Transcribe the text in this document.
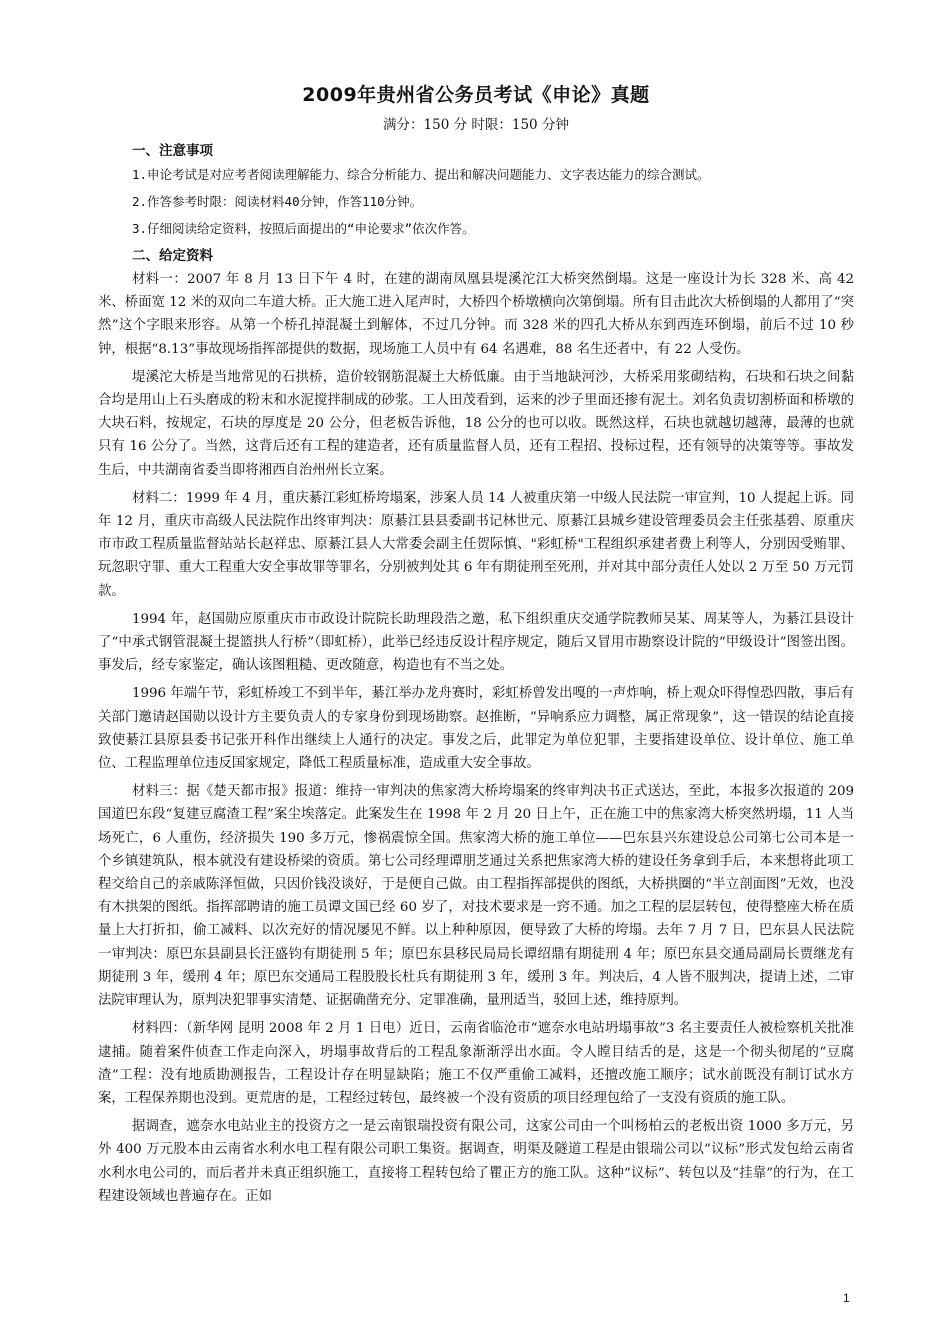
2009年贵州省公务员考试《申论》真题
满分：150 分 时限：150 分钟
一、注意事项

1.申论考试是对应考者阅读理解能力、综合分析能力、提出和解决问题能力、文字表达能力的综合测试。

2.作答参考时限：阅读材料40分钟，作答110分钟。

3.仔细阅读给定资料，按照后面提出的“申论要求”依次作答。

二、给定资料

材料一：2007 年 8 月 13 日下午 4 时，在建的湖南凤凰县堤溪沱江大桥突然倒塌。这是一座设计为长 328 米、高 42 米、桥面宽 12 米的双向二车道大桥。正大施工进入尾声时，大桥四个桥墩横向次第倒塌。所有目击此次大桥倒塌的人都用了“突然”这个字眼来形容。从第一个桥孔掉混凝土到解体，不过几分钟。而 328 米的四孔大桥从东到西连环倒塌，前后不过 10 秒钟，根据“8.13”事故现场指挥部提供的数据，现场施工人员中有 64 名遇难，88 名生还者中，有 22 人受伤。

堤溪沱大桥是当地常见的石拱桥，造价较钢筋混凝土大桥低廉。由于当地缺河沙，大桥采用浆砌结构，石块和石块之间黏合均是用山上石头磨成的粉末和水泥搅拌制成的砂浆。工人田茂看到，运来的沙子里面还掺有泥土。刘名负责切割桥面和桥墩的大块石料，按规定，石块的厚度是 20 公分，但老板告诉他，18 公分的也可以收。既然这样，石块也就越切越薄，最薄的也就只有 16 公分了。当然，这背后还有工程的建造者，还有质量监督人员，还有工程招、投标过程，还有领导的决策等等。事故发生后，中共湖南省委当即将湘西自治州州长立案。

材料二：1999 年 4 月，重庆綦江彩虹桥垮塌案，涉案人员 14 人被重庆第一中级人民法院一审宣判，10 人提起上诉。同年 12 月，重庆市高级人民法院作出终审判决：原綦江县县委副书记林世元、原綦江县城乡建设管理委员会主任张基碧、原重庆市市政工程质量监督站站长赵祥忠、原綦江县人大常委会副主任贺际慎、"彩虹桥"工程组织承建者费上利等人，分别因受贿罪、玩忽职守罪、重大工程重大安全事故罪等罪名，分别被判处其 6 年有期徒刑至死刑，并对其中部分责任人处以 2 万至 50 万元罚款。

1994 年，赵国勋应原重庆市市政设计院院长助理段浩之邀，私下组织重庆交通学院教师吴某、周某等人，为綦江县设计了“中承式钢管混凝土提篮拱人行桥”（即虹桥），此举已经违反设计程序规定，随后又冒用市勘察设计院的“甲级设计”图签出图。事发后，经专家鉴定，确认该图粗糙、更改随意，构造也有不当之处。

1996 年端午节，彩虹桥竣工不到半年，綦江举办龙舟赛时，彩虹桥曾发出嘎的一声炸响，桥上观众吓得惶恐四散，事后有关部门邀请赵国勋以设计方主要负责人的专家身份到现场勘察。赵推断，“异响系应力调整，属正常现象”，这一错误的结论直接致使綦江县原县委书记张开科作出继续上人通行的决定。事发之后，此罪定为单位犯罪，主要指建设单位、设计单位、施工单位、工程监理单位违反国家规定，降低工程质量标准，造成重大安全事故。

材料三：据《楚天都市报》报道：维持一审判决的焦家湾大桥垮塌案的终审判决书正式送达，至此，本报多次报道的 209 国道巴东段“复建豆腐渣工程”案尘埃落定。此案发生在 1998 年 2 月 20 日上午，正在施工中的焦家湾大桥突然坍塌，11 人当场死亡，6 人重伤，经济损失 190 多万元，惨祸震惊全国。焦家湾大桥的施工单位——巴东县兴东建设总公司第七公司本是一个乡镇建筑队，根本就没有建设桥梁的资质。第七公司经理谭朋芝通过关系把焦家湾大桥的建设任务拿到手后，本来想将此项工程交给自己的亲戚陈泽恒做，只因价钱没谈好，于是便自己做。由工程指挥部提供的图纸，大桥拱圈的“半立剖面图”无效，也没有木拱架的图纸。指挥部聘请的施工员谭文国已经 60 岁了，对技术要求是一窍不通。加之工程的层层转包，使得整座大桥在质量上大打折扣，偷工减料、以次充好的情况屡见不鲜。以上种种原因，便导致了大桥的垮塌。去年 7 月 7 日，巴东县人民法院一审判决：原巴东县副县长汪盛钧有期徒刑 5 年；原巴东县移民局局长谭绍鼎有期徒刑 4 年；原巴东县交通局副局长贾继龙有期徒刑 3 年，缓刑 4 年；原巴东交通局工程股股长杜兵有期徒刑 3 年，缓刑 3 年。判决后，4 人皆不服判决，提请上述，二审法院审理认为，原判决犯罪事实清楚、证据确凿充分、定罪准确，量刑适当，驳回上述，维持原判。

材料四：（新华网 昆明 2008 年 2 月 1 日电）近日，云南省临沧市“遮奈水电站坍塌事故”3 名主要责任人被检察机关批准逮捕。随着案件侦查工作走向深入，坍塌事故背后的工程乱象渐渐浮出水面。令人瞠目结舌的是，这是一个彻头彻尾的“豆腐渣”工程：没有地质勘测报告，工程设计存在明显缺陷；施工不仅严重偷工减料，还擅改施工顺序；试水前既没有制订试水方案，工程保养期也没到。更荒唐的是，工程经过转包，最终被一个没有资质的项目经理包给了一支没有资质的施工队。

据调查，遮奈水电站业主的投资方之一是云南银瑞投资有限公司，这家公司由一个叫杨柏云的老板出资 1000 多万元，另外 400 万元股本由云南省水利水电工程有限公司职工集资。据调查，明渠及隧道工程是由银瑞公司以“议标”形式发包给云南省水利水电公司的，而后者并未真正组织施工，直接将工程转包给了瞿正方的施工队。这种“议标”、转包以及“挂靠”的行为，在工程建设领域也普遍存在。正如

1
